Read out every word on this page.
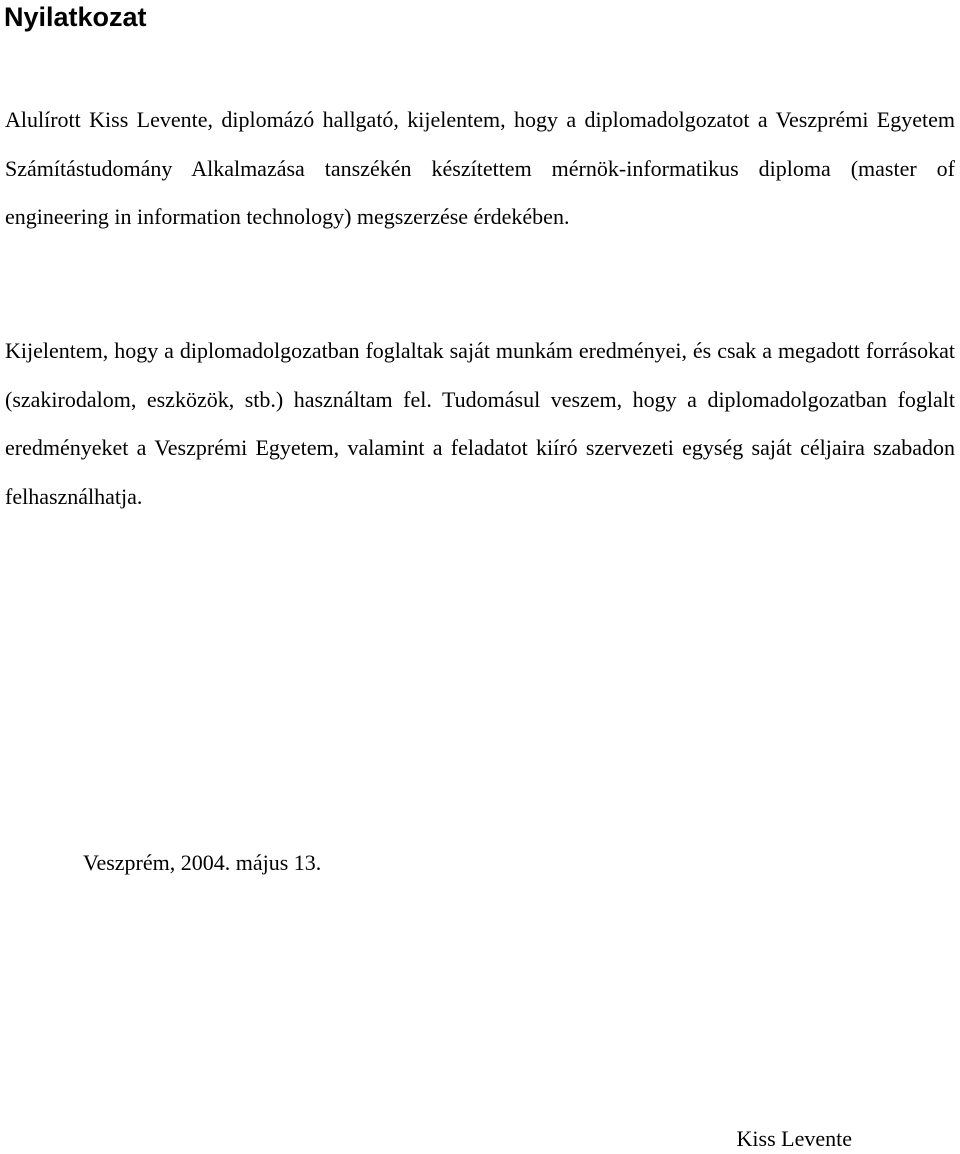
Nyilatkozat

Alulírott Kiss Levente, diplomázó hallgató, kijelentem, hogy a diplomadolgozatot a Veszprémi Egyetem Számítástudomány Alkalmazása tanszékén készítettem mérnök-informatikus diploma (master of engineering in information technology) megszerzése érdekében.

Kijelentem, hogy a diplomadolgozatban foglaltak saját munkám eredményei, és csak a megadott forrásokat (szakirodalom, eszközök, stb.) használtam fel. Tudomásul veszem, hogy a diplomadolgozatban foglalt eredményeket a Veszprémi Egyetem, valamint a feladatot kiíró szervezeti egység saját céljaira szabadon felhasználhatja.

Veszprém, 2004. május 13.

Kiss Levente
